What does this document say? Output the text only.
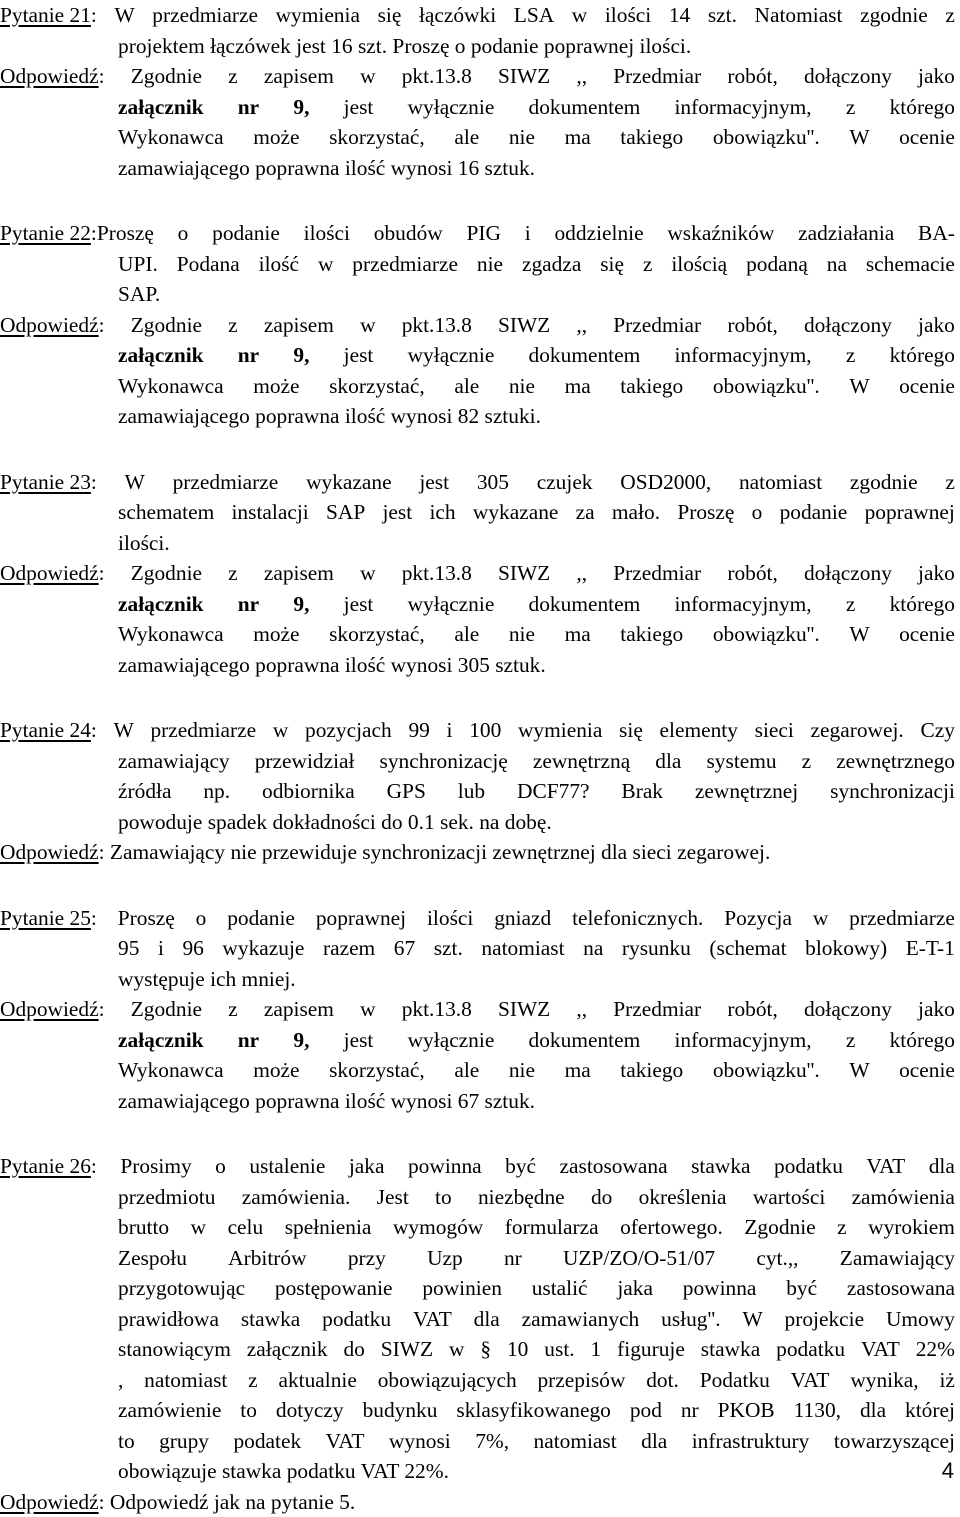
Pytanie 21: W przedmiarze wymienia się łączówki LSA w ilości 14 szt. Natomiast zgodnie z
projektem łączówek jest 16 szt. Proszę o podanie poprawnej ilości.
Odpowiedź: Zgodnie z zapisem w pkt.13.8 SIWZ ,, Przedmiar robót, dołączony jako
załącznik nr 9, jest wyłącznie dokumentem informacyjnym, z którego
Wykonawca może skorzystać, ale nie ma takiego obowiązku''. W ocenie
zamawiającego poprawna ilość wynosi 16 sztuk.
Pytanie 22:Proszę o podanie ilości obudów PIG i oddzielnie wskaźników zadziałania BA-
UPI. Podana ilość w przedmiarze nie zgadza się z ilością podaną na schemacie
SAP.
Odpowiedź: Zgodnie z zapisem w pkt.13.8 SIWZ ,, Przedmiar robót, dołączony jako
załącznik nr 9, jest wyłącznie dokumentem informacyjnym, z którego
Wykonawca może skorzystać, ale nie ma takiego obowiązku''. W ocenie
zamawiającego poprawna ilość wynosi 82 sztuki.
Pytanie 23: W przedmiarze wykazane jest 305 czujek OSD2000, natomiast zgodnie z
schematem instalacji SAP jest ich wykazane za mało. Proszę o podanie poprawnej
ilości.
Odpowiedź: Zgodnie z zapisem w pkt.13.8 SIWZ ,, Przedmiar robót, dołączony jako
załącznik nr 9, jest wyłącznie dokumentem informacyjnym, z którego
Wykonawca może skorzystać, ale nie ma takiego obowiązku''. W ocenie
zamawiającego poprawna ilość wynosi 305 sztuk.
Pytanie 24: W przedmiarze w pozycjach 99 i 100 wymienia się elementy sieci zegarowej. Czy
zamawiający przewidział synchronizację zewnętrzną dla systemu z zewnętrznego
źródła np. odbiornika GPS lub DCF77? Brak zewnętrznej synchronizacji
powoduje spadek dokładności do 0.1 sek. na dobę.
Odpowiedź: Zamawiający nie przewiduje synchronizacji zewnętrznej dla sieci zegarowej.
Pytanie 25: Proszę o podanie poprawnej ilości gniazd telefonicznych. Pozycja w przedmiarze
95 i 96 wykazuje razem 67 szt. natomiast na rysunku (schemat blokowy) E-T-1
występuje ich mniej.
Odpowiedź: Zgodnie z zapisem w pkt.13.8 SIWZ ,, Przedmiar robót, dołączony jako
załącznik nr 9, jest wyłącznie dokumentem informacyjnym, z którego
Wykonawca może skorzystać, ale nie ma takiego obowiązku''. W ocenie
zamawiającego poprawna ilość wynosi 67 sztuk.
Pytanie 26: Prosimy o ustalenie jaka powinna być zastosowana stawka podatku VAT dla
przedmiotu zamówienia. Jest to niezbędne do określenia wartości zamówienia
brutto w celu spełnienia wymogów formularza ofertowego. Zgodnie z wyrokiem
Zespołu Arbitrów przy Uzp nr UZP/ZO/O-51/07 cyt.,, Zamawiający
przygotowując postępowanie powinien ustalić jaka powinna być zastosowana
prawidłowa stawka podatku VAT dla zamawianych usług''. W projekcie Umowy
stanowiącym załącznik do SIWZ w § 10 ust. 1 figuruje stawka podatku VAT 22%
, natomiast z aktualnie obowiązujących przepisów dot. Podatku VAT wynika, iż
zamówienie to dotyczy budynku sklasyfikowanego pod nr PKOB 1130, dla której
to grupy podatek VAT wynosi 7%, natomiast dla infrastruktury towarzyszącej
obowiązuje stawka podatku VAT 22%.
Odpowiedź: Odpowiedź jak na pytanie 5.
4
